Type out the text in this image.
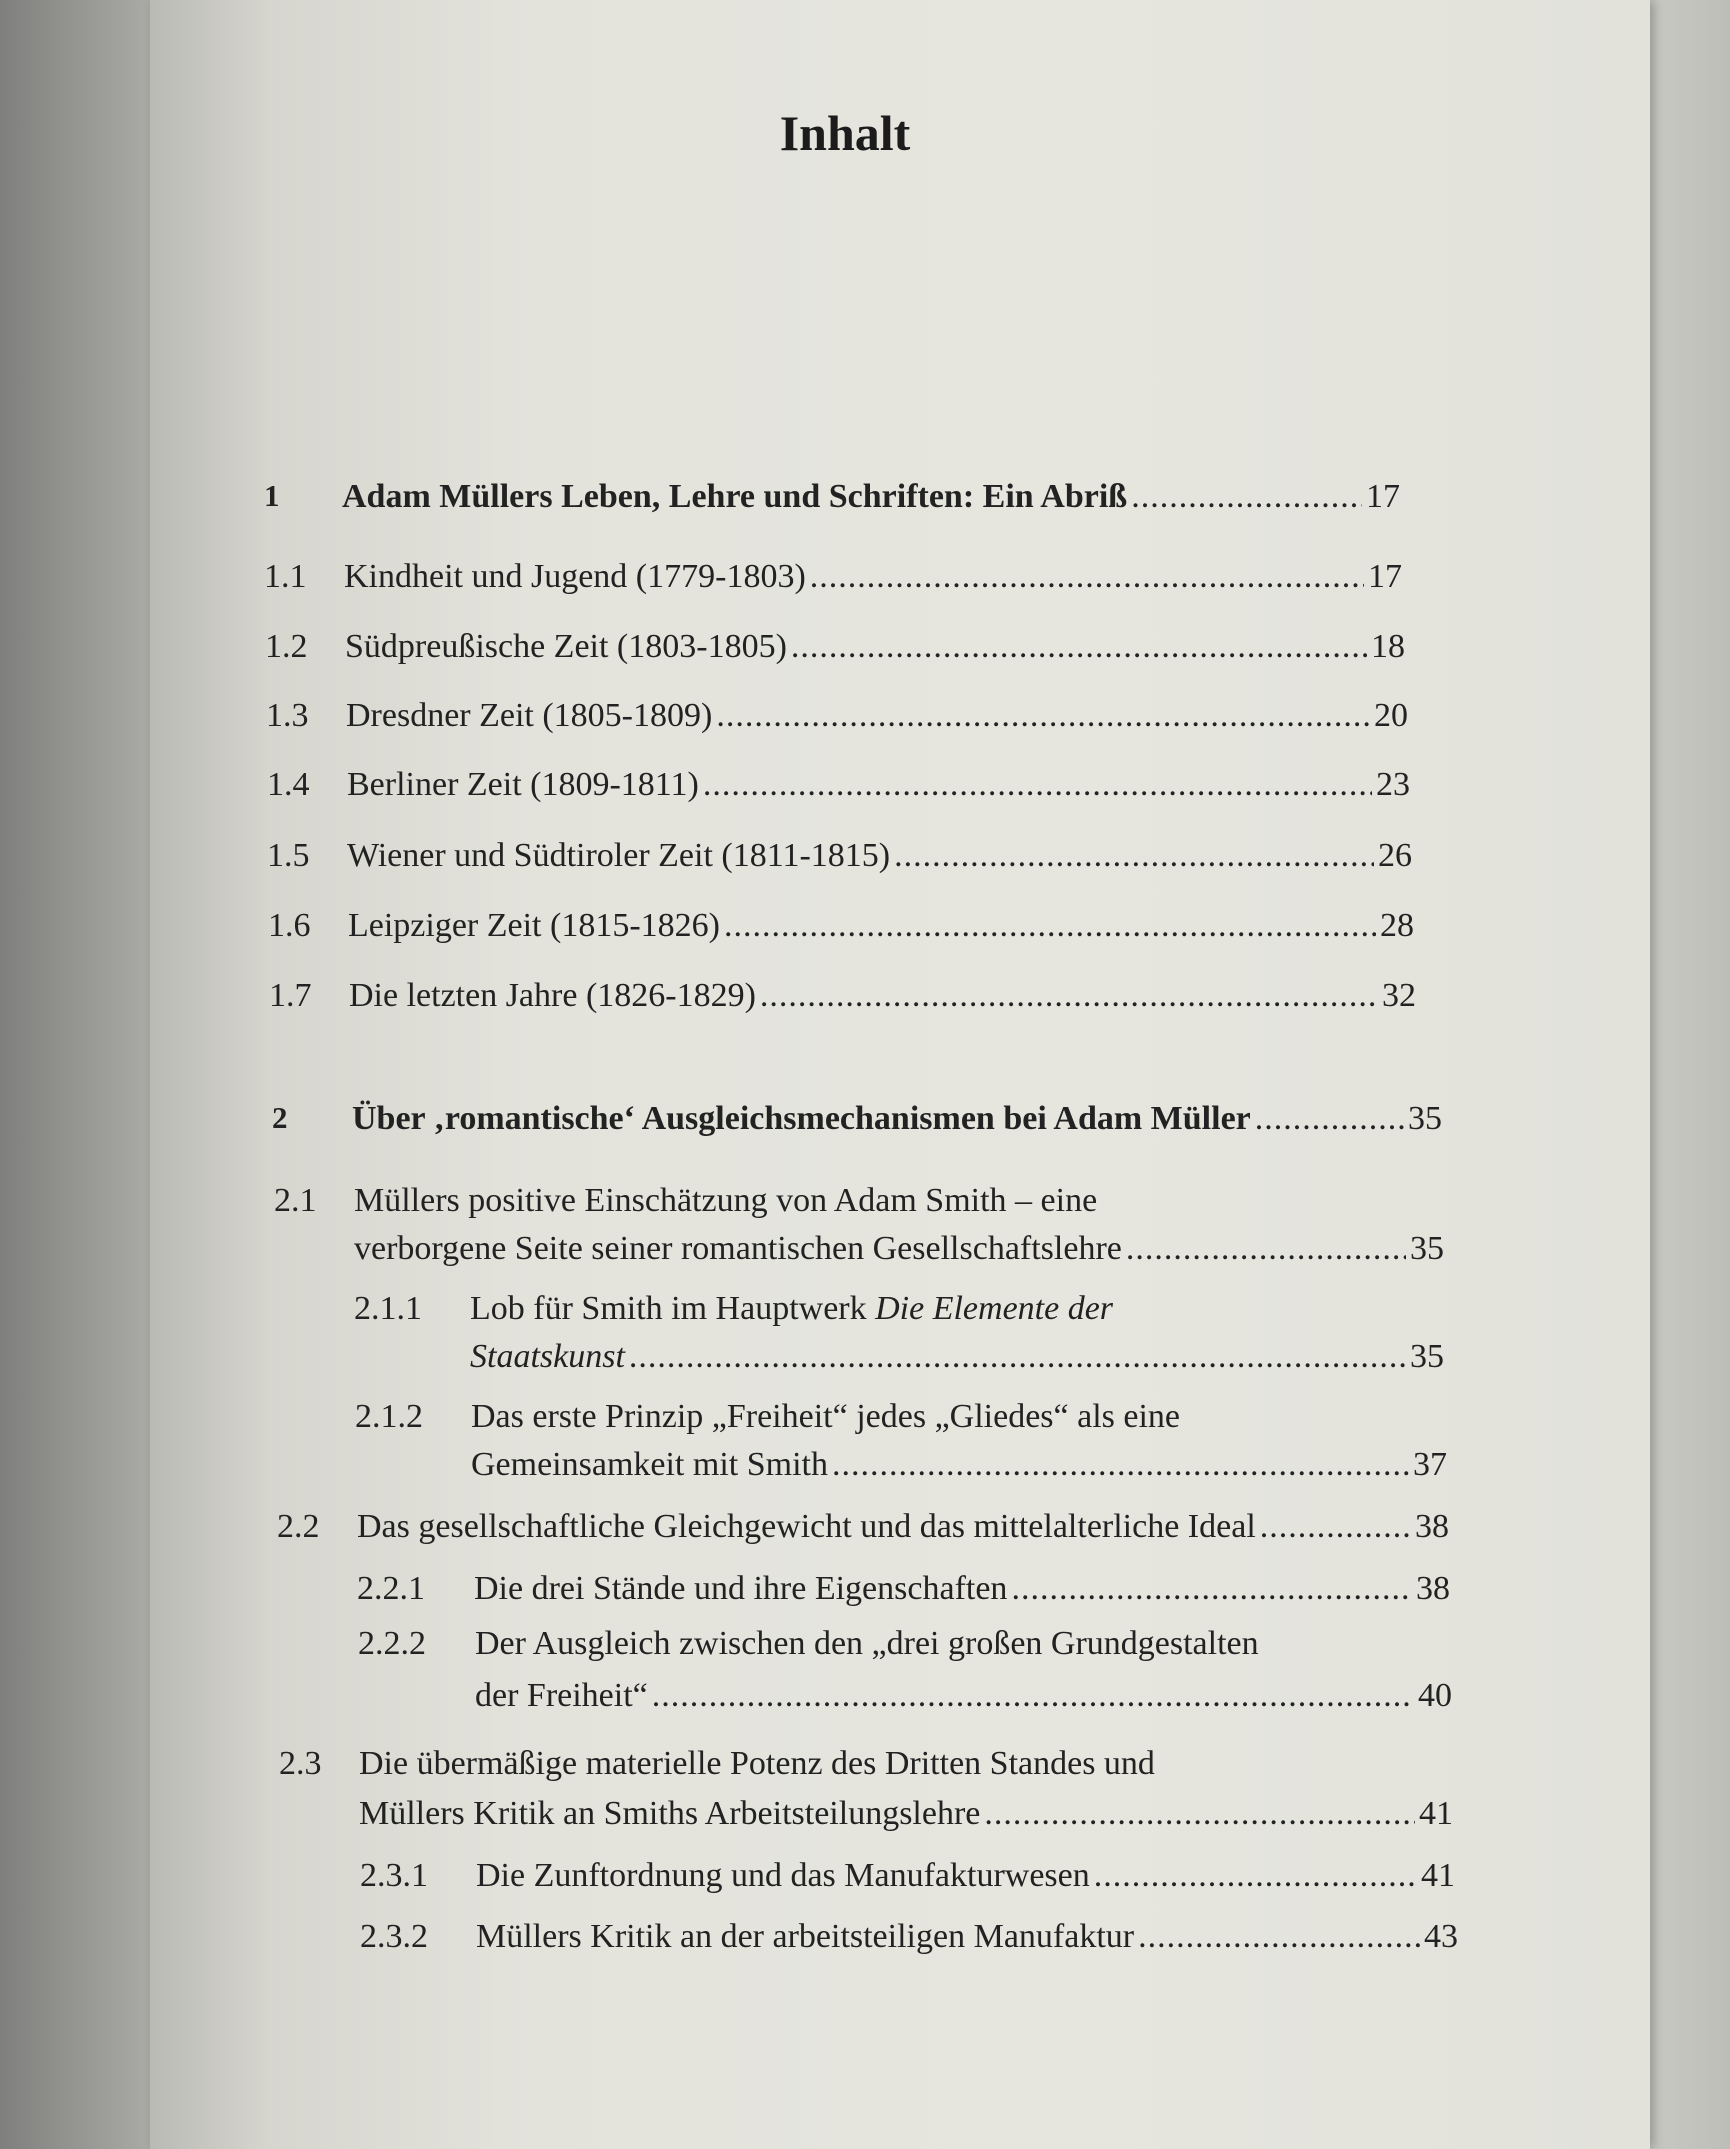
Inhalt
1 Adam Müllers Leben, Lehre und Schriften: Ein Abriß .....	17
1.1 Kindheit und Jugend (1779-1803) .....	17
1.2 Südpreußische Zeit (1803-1805) .....	18
1.3 Dresdner Zeit (1805-1809) .....	20
1.4 Berliner Zeit (1809-1811) .....	23
1.5 Wiener und Südtiroler Zeit (1811-1815) .....	26
1.6 Leipziger Zeit (1815-1826) .....	28
1.7 Die letzten Jahre (1826-1829) .....	32
2 Über ‚romantische‘ Ausgleichsmechanismen bei Adam Müller .....	35
2.1 Müllers positive Einschätzung von Adam Smith – eine
verborgene Seite seiner romantischen Gesellschaftslehre .....	35
2.1.1 Lob für Smith im Hauptwerk Die Elemente der
Staatskunst .....	35
2.1.2 Das erste Prinzip „Freiheit“ jedes „Gliedes“ als eine
Gemeinsamkeit mit Smith .....	37
2.2 Das gesellschaftliche Gleichgewicht und das mittelalterliche Ideal .....	38
2.2.1 Die drei Stände und ihre Eigenschaften .....	38
2.2.2 Der Ausgleich zwischen den „drei großen Grundgestalten
der Freiheit“ .....	40
2.3 Die übermäßige materielle Potenz des Dritten Standes und
Müllers Kritik an Smiths Arbeitsteilungslehre .....	41
2.3.1 Die Zunftordnung und das Manufakturwesen .....	41
2.3.2 Müllers Kritik an der arbeitsteiligen Manufaktur .....	43
